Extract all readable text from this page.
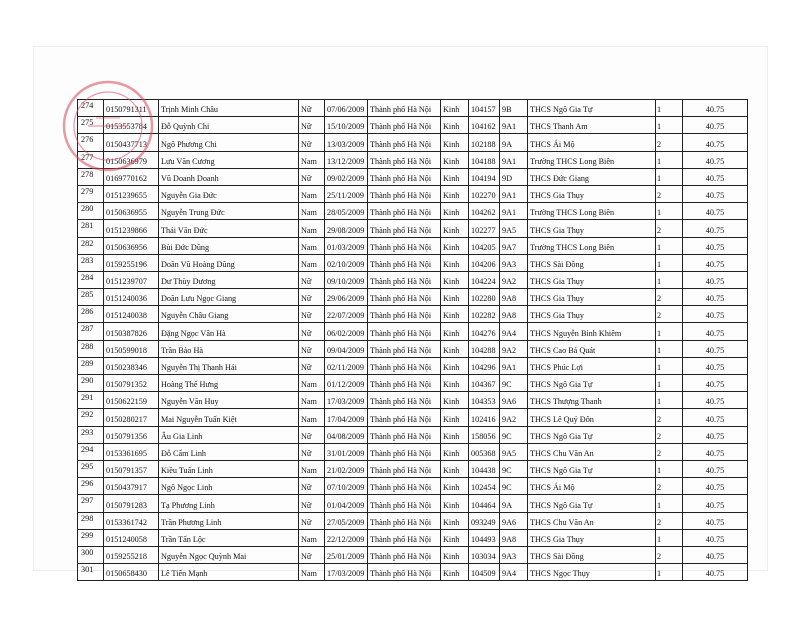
274	0150791311	Trịnh Minh Châu	Nữ	07/06/2009	Thành phố Hà Nội	Kinh	104157	9B	THCS Ngô Gia Tự	1	40.75
275	0153553784	Đỗ Quỳnh Chi	Nữ	15/10/2009	Thành phố Hà Nội	Kinh	104162	9A1	THCS Thanh Am	1	40.75
276	0150437713	Ngô Phương Chi	Nữ	13/03/2009	Thành phố Hà Nội	Kinh	102188	9A	THCS Ái Mộ	2	40.75
277	0150636979	Lưu Văn Cương	Nam	13/12/2009	Thành phố Hà Nội	Kinh	104188	9A1	Trường THCS Long Biên	1	40.75
278	0169770162	Vũ Doanh Doanh	Nữ	09/02/2009	Thành phố Hà Nội	Kinh	104194	9D	THCS Đức Giang	1	40.75
279	0151239655	Nguyễn Gia Đức	Nam	25/11/2009	Thành phố Hà Nội	Kinh	102270	9A1	THCS Gia Thụy	2	40.75
280	0150636955	Nguyễn Trung Đức	Nam	28/05/2009	Thành phố Hà Nội	Kinh	104262	9A1	Trường THCS Long Biên	1	40.75
281	0151239866	Thái Văn Đức	Nam	29/08/2009	Thành phố Hà Nội	Kinh	102277	9A5	THCS Gia Thụy	2	40.75
282	0150636956	Bùi Đức Dũng	Nam	01/03/2009	Thành phố Hà Nội	Kinh	104205	9A7	Trường THCS Long Biên	1	40.75
283	0159255196	Doãn Vũ Hoàng Dũng	Nam	02/10/2009	Thành phố Hà Nội	Kinh	104206	9A3	THCS Sài Đồng	1	40.75
284	0151239707	Dư Thùy Dương	Nữ	09/10/2009	Thành phố Hà Nội	Kinh	104224	9A2	THCS Gia Thụy	1	40.75
285	0151240036	Doãn Lưu Ngọc Giang	Nữ	29/06/2009	Thành phố Hà Nội	Kinh	102280	9A8	THCS Gia Thụy	2	40.75
286	0151240038	Nguyễn Châu Giang	Nữ	22/07/2009	Thành phố Hà Nội	Kinh	102282	9A8	THCS Gia Thụy	2	40.75
287	0150387826	Đặng Ngọc Vân Hà	Nữ	06/02/2009	Thành phố Hà Nội	Kinh	104276	9A4	THCS Nguyễn Bỉnh Khiêm	1	40.75
288	0150599018	Trần Bảo Hà	Nữ	09/04/2009	Thành phố Hà Nội	Kinh	104288	9A2	THCS Cao Bá Quát	1	40.75
289	0150238346	Nguyễn Thị Thanh Hải	Nữ	02/11/2009	Thành phố Hà Nội	Kinh	104296	9A1	THCS Phúc Lợi	1	40.75
290	0150791352	Hoàng Thế Hưng	Nam	01/12/2009	Thành phố Hà Nội	Kinh	104367	9C	THCS Ngô Gia Tự	1	40.75
291	0150622159	Nguyễn Văn Huy	Nam	17/03/2009	Thành phố Hà Nội	Kinh	104353	9A6	THCS Thượng Thanh	1	40.75
292	0150280217	Mai Nguyễn Tuấn Kiệt	Nam	17/04/2009	Thành phố Hà Nội	Kinh	102416	9A2	THCS Lê Quý Đôn	2	40.75
293	0150791356	Âu Gia Linh	Nữ	04/08/2009	Thành phố Hà Nội	Kinh	158056	9C	THCS Ngô Gia Tự	2	40.75
294	0153361695	Đỗ Cẩm Linh	Nữ	31/01/2009	Thành phố Hà Nội	Kinh	005368	9A5	THCS Chu Văn An	2	40.75
295	0150791357	Kiều Tuấn Linh	Nam	21/02/2009	Thành phố Hà Nội	Kinh	104438	9C	THCS Ngô Gia Tự	1	40.75
296	0150437917	Ngô Ngọc Linh	Nữ	07/10/2009	Thành phố Hà Nội	Kinh	102454	9C	THCS Ái Mộ	2	40.75
297	0150791283	Tạ Phương Linh	Nữ	01/04/2009	Thành phố Hà Nội	Kinh	104464	9A	THCS Ngô Gia Tự	1	40.75
298	0153361742	Trần Phương Linh	Nữ	27/05/2009	Thành phố Hà Nội	Kinh	093249	9A6	THCS Chu Văn An	2	40.75
299	0151240058	Trần Tấn Lộc	Nam	22/12/2009	Thành phố Hà Nội	Kinh	104493	9A8	THCS Gia Thụy	1	40.75
300	0159255218	Nguyễn Ngọc Quỳnh Mai	Nữ	25/01/2009	Thành phố Hà Nội	Kinh	103034	9A3	THCS Sài Đồng	2	40.75
301	0150658430	Lê Tiến Mạnh	Nam	17/03/2009	Thành phố Hà Nội	Kinh	104509	9A4	THCS Ngọc Thụy	1	40.75
